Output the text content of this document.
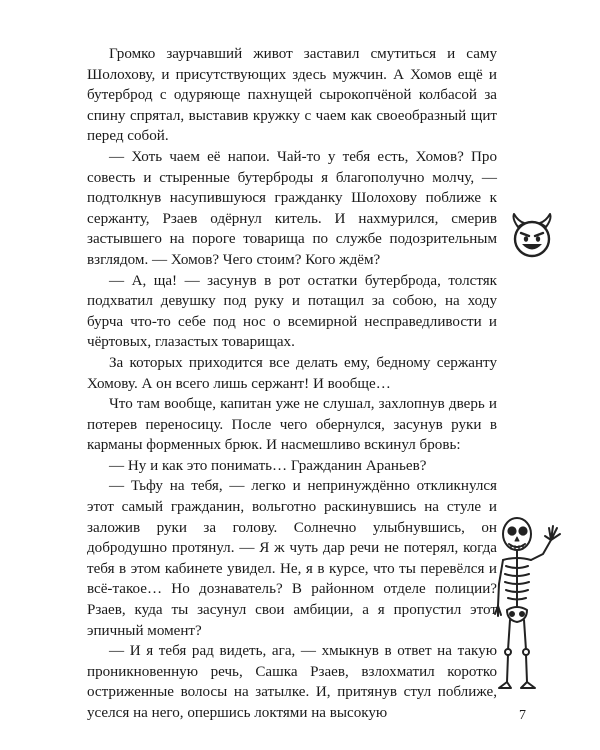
Громко заурчавший живот заставил смутиться и саму Шолохову, и присутствующих здесь мужчин. А Хомов ещё и бутерброд с одуряюще пахнущей сырокопчёной колбасой за спину спрятал, выставив кружку с чаем как своеобразный щит перед собой.

— Хоть чаем её напои. Чай-то у тебя есть, Хомов? Про совесть и стыренные бутерброды я благополучно молчу, — подтолкнув насупившуюся гражданку Шолохову поближе к сержанту, Рзаев одёрнул китель. И нахмурился, смерив застывшего на пороге товарища по службе подозрительным взглядом. — Хомов? Чего стоим? Кого ждём?

— А, ща! — засунув в рот остатки бутерброда, толстяк подхватил девушку под руку и потащил за собою, на ходу бурча что-то себе под нос о всемирной несправедливости и чёртовых, глазастых товарищах.

За которых приходится все делать ему, бедному сержанту Хомову. А он всего лишь сержант! И вообще…

Что там вообще, капитан уже не слушал, захлопнув дверь и потерев переносицу. После чего обернулся, засунув руки в карманы форменных брюк. И насмешливо вскинул бровь:

— Ну и как это понимать… Гражданин Араньев?

— Тьфу на тебя, — легко и непринуждённо откликнулся этот самый гражданин, вольготно раскинувшись на стуле и заложив руки за голову. Солнечно улыбнувшись, он добродушно протянул. — Я ж чуть дар речи не потерял, когда тебя в этом кабинете увидел. Не, я в курсе, что ты перевёлся и всё-такое… Но дознаватель? В районном отделе полиции? Рзаев, куда ты засунул свои амбиции, а я пропустил этот эпичный момент?

— И я тебя рад видеть, ага, — хмыкнув в ответ на такую проникновенную речь, Сашка Рзаев, взлохматил коротко остриженные волосы на затылке. И, притянув стул поближе, уселся на него, опершись локтями на высокую	7
